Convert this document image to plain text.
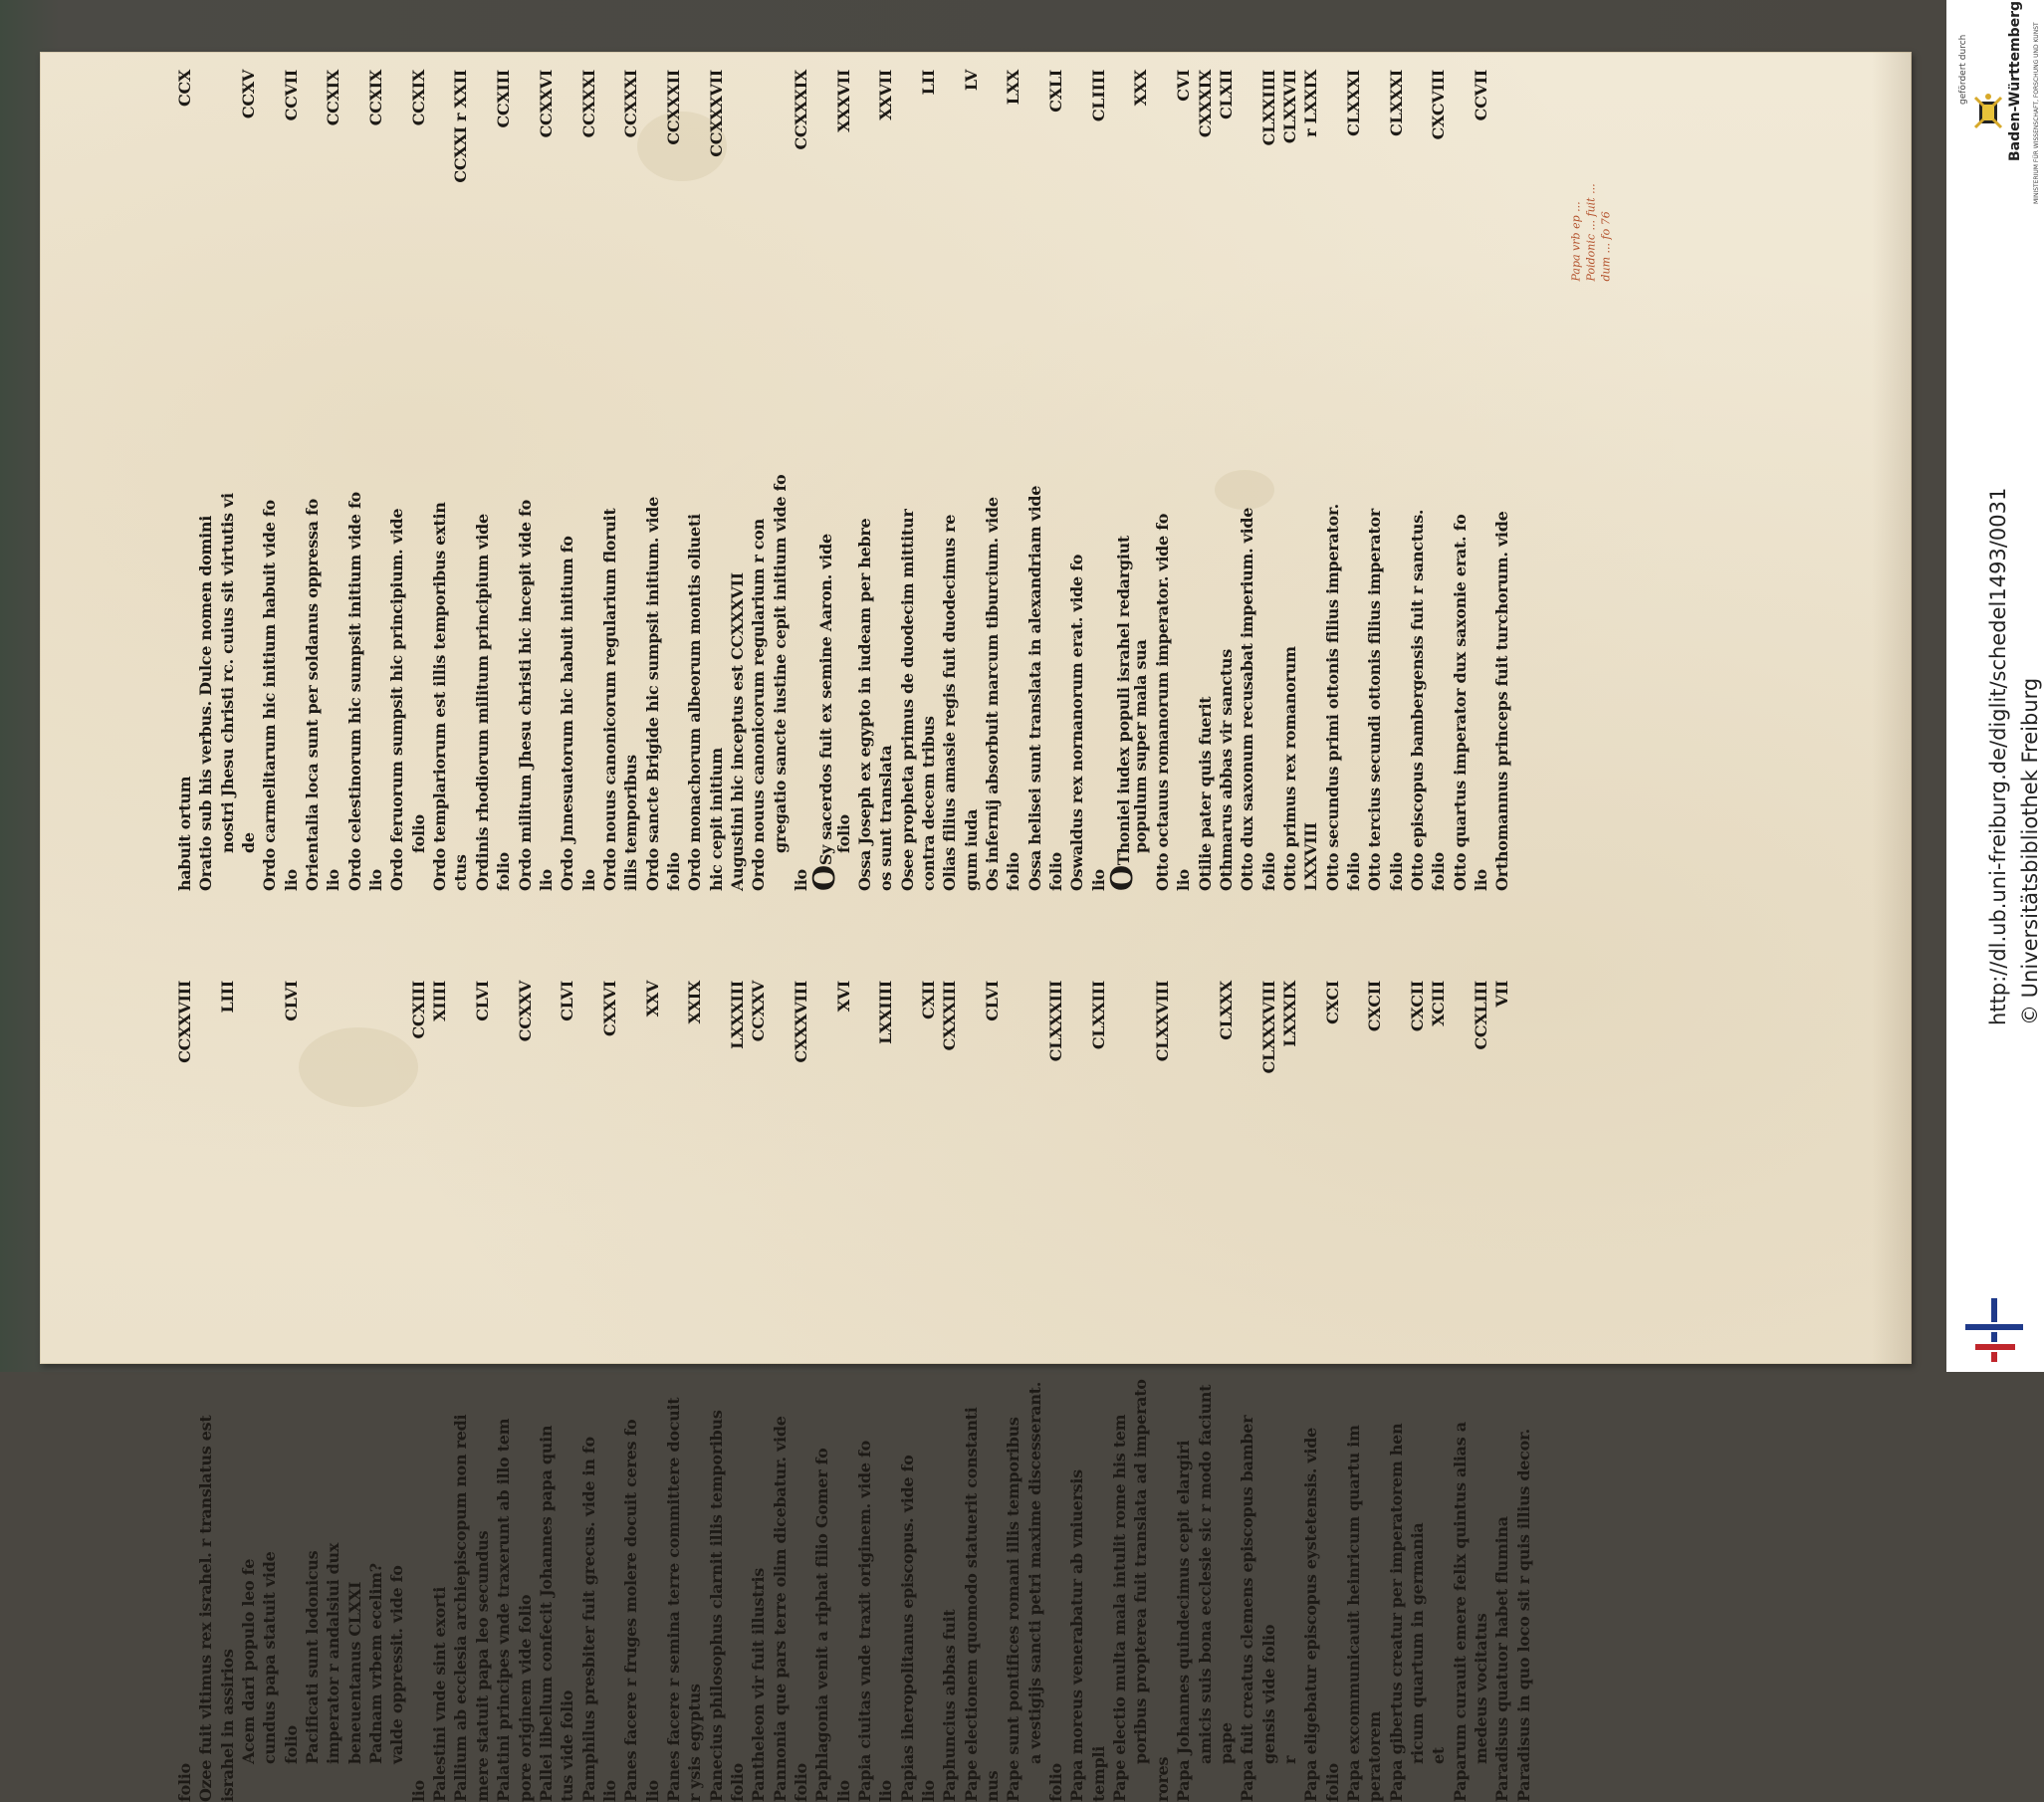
habuit ortum
CCX
Oratio sub his verbus. Dulce nomen domini nostri Jhesu christi rc. cuius sit virtutis vi de
CCXV
Ordo carmelitarum hic initium habuit vide fo lio
CCVII
Orientalia loca sunt per soldanus oppressa fo lio
CCXIX
Ordo celestinorum hic sumpsit initium vide fo lio
CCXIX
Ordo feruorum sumpsit hic principium. vide folio
CCXIX
Ordo templariorum est illis temporibus extin ctus
CCXXI r XXII
Ordinis rhodiorum militum principium vide folio
CCXIII
Ordo militum Jhesu christi hic incepit vide fo lio
CCXXVI
Ordo Jnnesuatorum hic habuit initium fo lio
CCXXXI
Ordo nouus canonicorum regularium floruit illis temporibus
CCXXXI
Ordo sancte Brigide hic sumpsit initium. vide folio
CCXXXII
Ordo monachorum albeorum montis oliueti hic cepit initium
CCXXXVII
Augustini hic inceptus est CCXXXVII Ordo nouus canonicorum regularium r con gregatio sancte iustine cepit initium vide fo
lio
CCXXXIX
OSy sacerdos fuit ex semine Aaron. vide
folio
XXXVII
Ossa Joseph ex egypto in iudeam per hebre os sunt translata
XXVII
Osee propheta primus de duodecim mittitur contra decem tribus
LII
Olias filius amasie regis fuit duodecimus re gum iuda
LV
Os infernij absorbuit marcum tiburcium. vide folio
LXX
Ossa helisei sunt translata in alexandriam vide folio
CXLI
Oswaldus rex nornanorum erat. vide fo lio
CLIIII
OThoniel iudex populi israhel redargiut
populum super mala sua
XXX
Otto octauus romanorum imperator. vide fo lio
CVI
Otilie pater quis fuerit
CXXXIX
Othmarus abbas vir sanctus
CLXII
Otto dux saxonum recusabat imperium. vide folio
CLXXIIII
Otto primus rex romanorum
CLXXVII
LXXVIII
r LXXIX
Otto secundus primi ottonis filius imperator. folio
CLXXXI
Otto tercius secundi ottonis filius imperator folio
CLXXXI
Otto episcopus bambergensis fuit r sanctus. folio
CXCVIII
Otto quartus imperator dux saxonie erat. fo lio
CCVII
Orthomannus princeps fuit turchorum. vide
folio
CCXXVIII
Ozee fuit vltimus rex israhel. r translatus est israhel in assirios
LIII
Acem dari populo leo fe cundus papa statuit vide folio
CLVI
Pacificati sunt lodonicus imperator r andalsiui dux beneuentanus CLXXI Padnam vrbem ecelim? valde oppressit. vide fo
lio
CCXIII
Palestini vnde sint exorti
XIIII
Pallium ab ecclesia archiepiscopum non redi mere statuit papa leo secundus
CLVI
Palatini principes vnde traxerunt ab illo tem pore originem vide folio
CCXXV
Pallei libellum confecit Johannes papa quin tus vide folio
CLVI
Pamphilus presbiter fuit grecus. vide in fo lio
CXXVI
Panes facere r fruges molere docuit ceres fo lio
XXV
Panes facere r semina terre committere docuit r ysis egyptus
XXIX
Panecius philosophus clarnit illis temporibus folio
LXXXIII
Pantheleon vir fuit illustris
CCXXV
Pannonia que pars terre olim dicebatur. vide folio
CXXXVIII
Paphlagonia venit a riphat filio Gomer fo lio
XVI
Papia ciuitas vnde traxit originem. vide fo lio
LXXIIII
Papias iheropolitanus episcopus. vide fo lio
CXII
Paphuncius abbas fuit
CXXXIII
Pape electionem quomodo statuerit constanti nus
CLVI
Pape sunt pontifices romani illis temporibus a vestigijs sancti petri maxime discesserant.
folio
CLXXXIII
Papa moreus venerabatur ab vniuersis templi
CLXXIII
Pape electio multa mala intulit rome his tem poribus propterea fuit translata ad imperato
rores
CLXXVIII
Papa Johannes quindecimus cepit elargiri amicis suis bona ecclesie sic r modo faciunt pape
CLXXX
Papa fuit creatus clemens episcopus bamber gensis vide folio
CLXXXVIII
r
LXXXIX
Papa eligebatur episcopus eystetensis. vide folio
CXCI
Papa excommunicauit heinricum quartu im peratorem
CXCII
Papa gibertus creatur per imperatorem hen ricum quartum in germania
CXCII
et
XCIII
Paparum curauit emere felix quintus alias a medeus vocitatus
CCXLIII
Paradisus quatuor habet flumina
VII
Paradisus in quo loco sit r quis illius decor.
Papa vrb ep ... Poidonic ... fuit ... dum ... fo 76
http://dl.ub.uni-freiburg.de/diglit/schedel1493/0031 © Universitätsbibliothek Freiburg
gefördert durch	Baden-Württemberg MINISTERIUM FÜR WISSENSCHAFT, FORSCHUNG UND KUNST
